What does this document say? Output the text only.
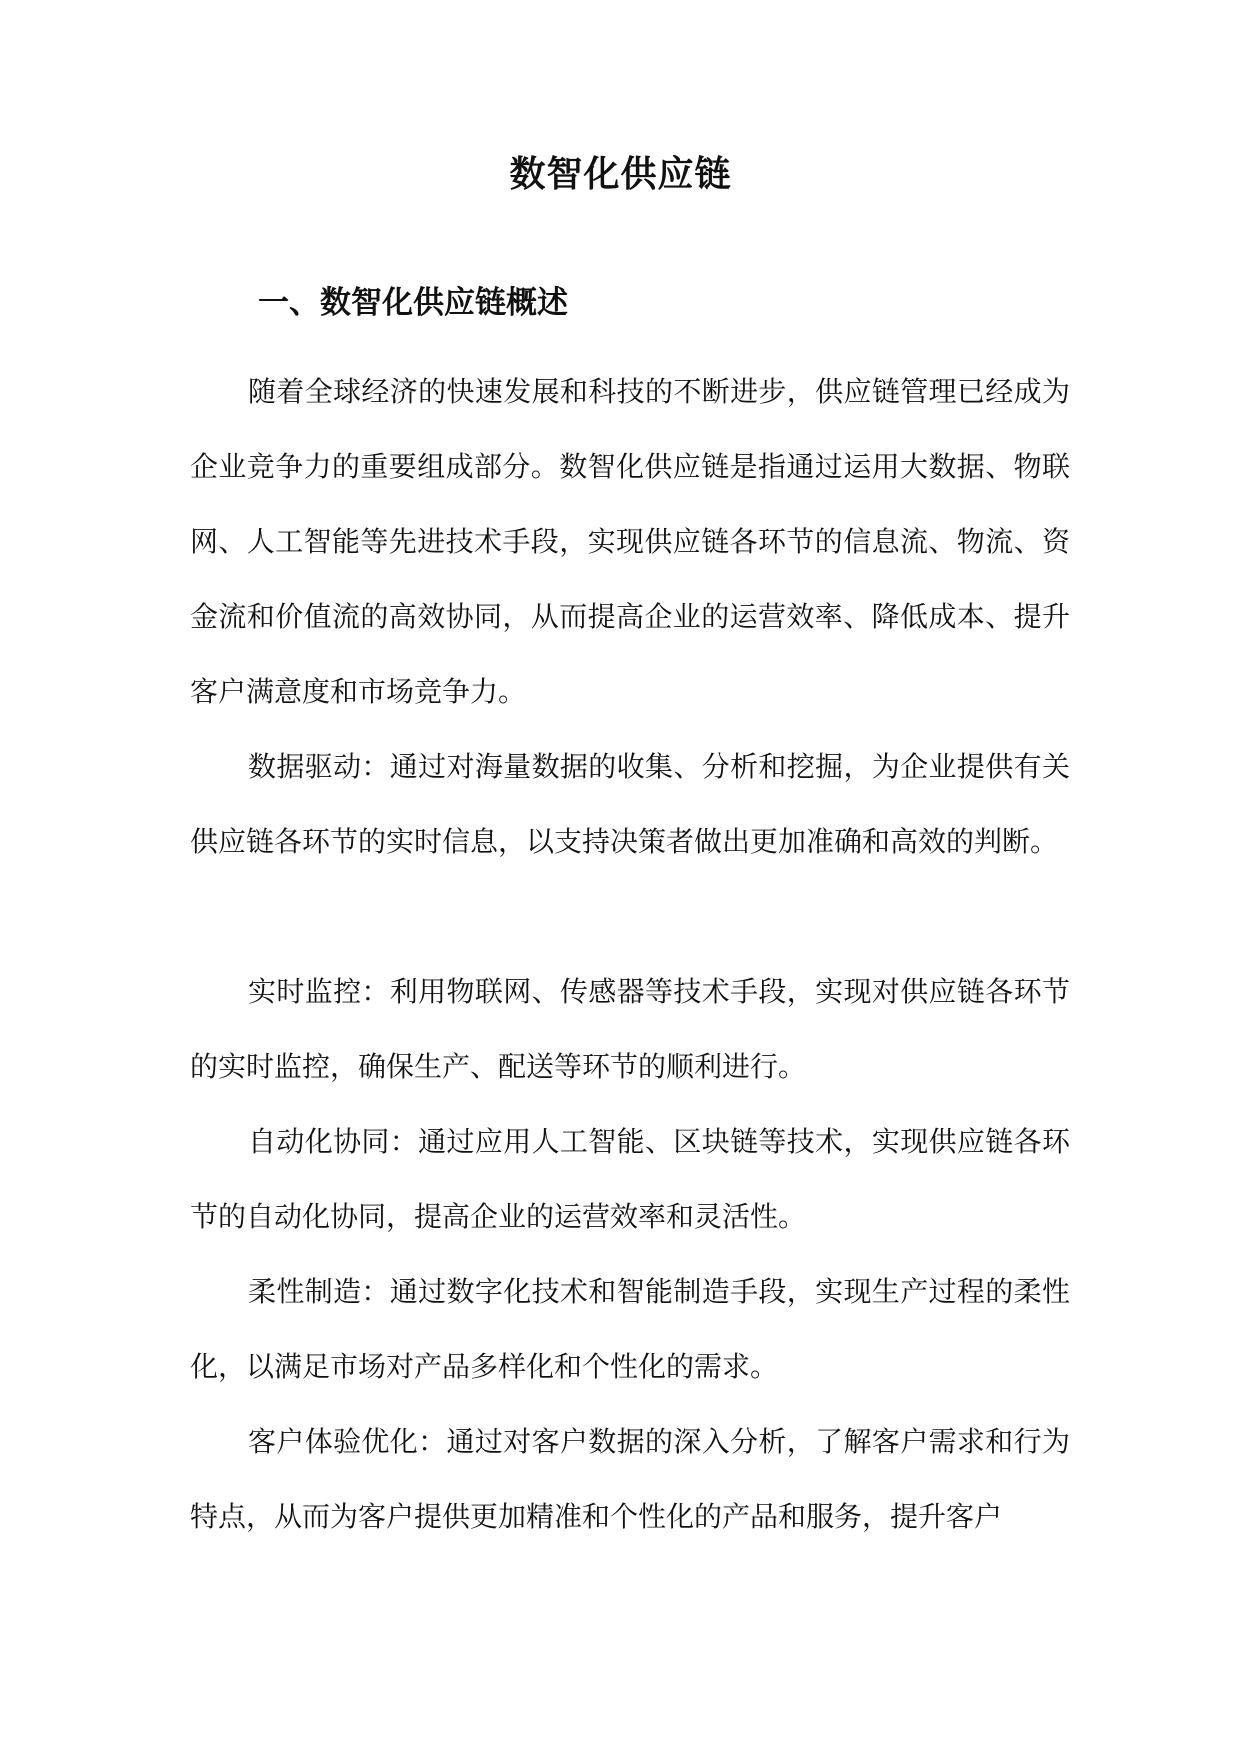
数智化供应链
一、数智化供应链概述

随着全球经济的快速发展和科技的不断进步，供应链管理已经成为企业竞争力的重要组成部分。数智化供应链是指通过运用大数据、物联网、人工智能等先进技术手段，实现供应链各环节的信息流、物流、资金流和价值流的高效协同，从而提高企业的运营效率、降低成本、提升客户满意度和市场竞争力。

数据驱动：通过对海量数据的收集、分析和挖掘，为企业提供有关供应链各环节的实时信息，以支持决策者做出更加准确和高效的判断。

实时监控：利用物联网、传感器等技术手段，实现对供应链各环节的实时监控，确保生产、配送等环节的顺利进行。

自动化协同：通过应用人工智能、区块链等技术，实现供应链各环节的自动化协同，提高企业的运营效率和灵活性。

柔性制造：通过数字化技术和智能制造手段，实现生产过程的柔性化，以满足市场对产品多样化和个性化的需求。

客户体验优化：通过对客户数据的深入分析，了解客户需求和行为特点，从而为客户提供更加精准和个性化的产品和服务，提升客户
